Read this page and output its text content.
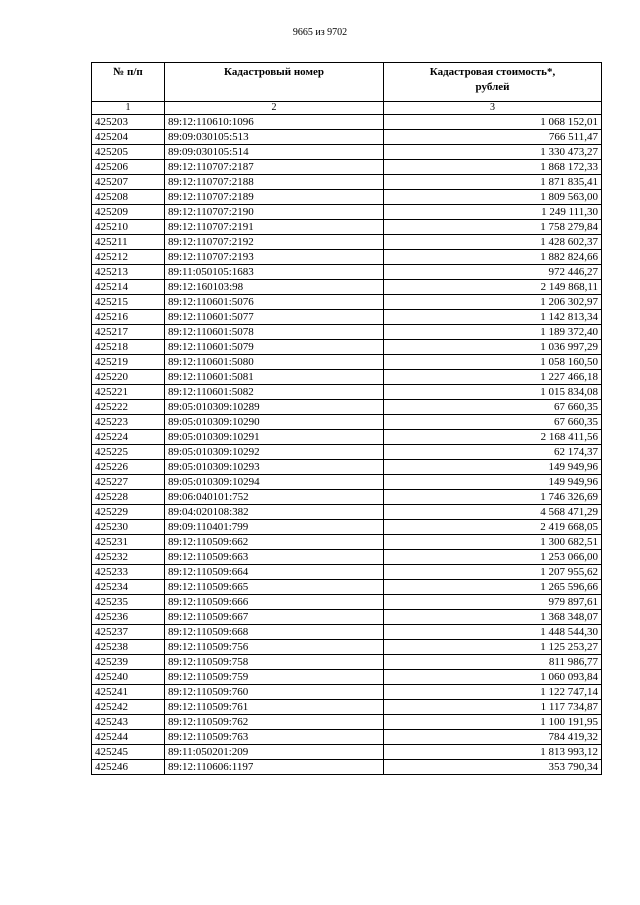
9665 из 9702
№ п/п	Кадастровый номер	Кадастровая стоимость*,
рублей
1	2	3
425203	89:12:110610:1096	1 068 152,01
425204	89:09:030105:513	766 511,47
425205	89:09:030105:514	1 330 473,27
425206	89:12:110707:2187	1 868 172,33
425207	89:12:110707:2188	1 871 835,41
425208	89:12:110707:2189	1 809 563,00
425209	89:12:110707:2190	1 249 111,30
425210	89:12:110707:2191	1 758 279,84
425211	89:12:110707:2192	1 428 602,37
425212	89:12:110707:2193	1 882 824,66
425213	89:11:050105:1683	972 446,27
425214	89:12:160103:98	2 149 868,11
425215	89:12:110601:5076	1 206 302,97
425216	89:12:110601:5077	1 142 813,34
425217	89:12:110601:5078	1 189 372,40
425218	89:12:110601:5079	1 036 997,29
425219	89:12:110601:5080	1 058 160,50
425220	89:12:110601:5081	1 227 466,18
425221	89:12:110601:5082	1 015 834,08
425222	89:05:010309:10289	67 660,35
425223	89:05:010309:10290	67 660,35
425224	89:05:010309:10291	2 168 411,56
425225	89:05:010309:10292	62 174,37
425226	89:05:010309:10293	149 949,96
425227	89:05:010309:10294	149 949,96
425228	89:06:040101:752	1 746 326,69
425229	89:04:020108:382	4 568 471,29
425230	89:09:110401:799	2 419 668,05
425231	89:12:110509:662	1 300 682,51
425232	89:12:110509:663	1 253 066,00
425233	89:12:110509:664	1 207 955,62
425234	89:12:110509:665	1 265 596,66
425235	89:12:110509:666	979 897,61
425236	89:12:110509:667	1 368 348,07
425237	89:12:110509:668	1 448 544,30
425238	89:12:110509:756	1 125 253,27
425239	89:12:110509:758	811 986,77
425240	89:12:110509:759	1 060 093,84
425241	89:12:110509:760	1 122 747,14
425242	89:12:110509:761	1 117 734,87
425243	89:12:110509:762	1 100 191,95
425244	89:12:110509:763	784 419,32
425245	89:11:050201:209	1 813 993,12
425246	89:12:110606:1197	353 790,34
